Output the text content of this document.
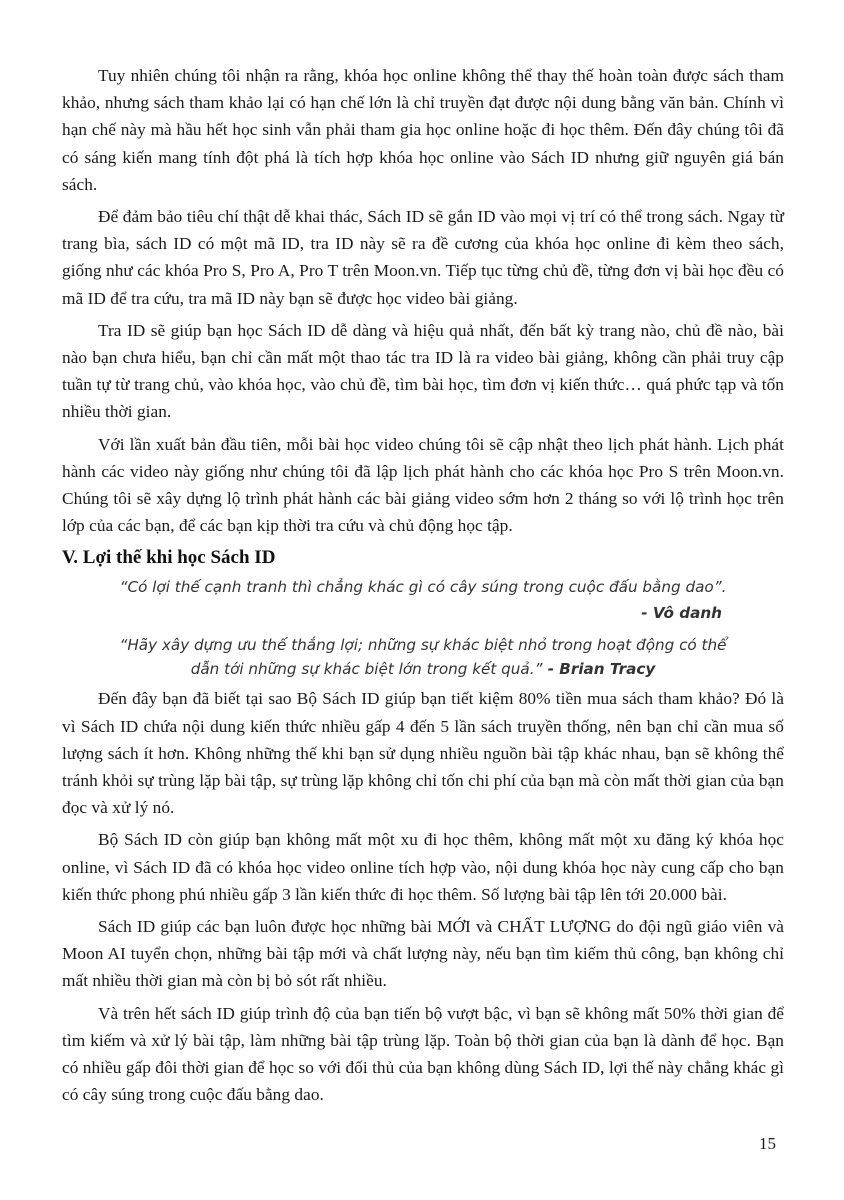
Tuy nhiên chúng tôi nhận ra rằng, khóa học online không thể thay thế hoàn toàn được sách tham khảo, nhưng sách tham khảo lại có hạn chế lớn là chỉ truyền đạt được nội dung bằng văn bản. Chính vì hạn chế này mà hầu hết học sinh vẫn phải tham gia học online hoặc đi học thêm. Đến đây chúng tôi đã có sáng kiến mang tính đột phá là tích hợp khóa học online vào Sách ID nhưng giữ nguyên giá bán sách.

Để đảm bảo tiêu chí thật dễ khai thác, Sách ID sẽ gắn ID vào mọi vị trí có thể trong sách. Ngay từ trang bìa, sách ID có một mã ID, tra ID này sẽ ra đề cương của khóa học online đi kèm theo sách, giống như các khóa Pro S, Pro A, Pro T trên Moon.vn. Tiếp tục từng chủ đề, từng đơn vị bài học đều có mã ID để tra cứu, tra mã ID này bạn sẽ được học video bài giảng.

Tra ID sẽ giúp bạn học Sách ID dễ dàng và hiệu quả nhất, đến bất kỳ trang nào, chủ đề nào, bài nào bạn chưa hiểu, bạn chỉ cần mất một thao tác tra ID là ra video bài giảng, không cần phải truy cập tuần tự từ trang chủ, vào khóa học, vào chủ đề, tìm bài học, tìm đơn vị kiến thức… quá phức tạp và tốn nhiều thời gian.

Với lần xuất bản đầu tiên, mỗi bài học video chúng tôi sẽ cập nhật theo lịch phát hành. Lịch phát hành các video này giống như chúng tôi đã lập lịch phát hành cho các khóa học Pro S trên Moon.vn. Chúng tôi sẽ xây dựng lộ trình phát hành các bài giảng video sớm hơn 2 tháng so với lộ trình học trên lớp của các bạn, để các bạn kịp thời tra cứu và chủ động học tập.

V. Lợi thế khi học Sách ID
“Có lợi thế cạnh tranh thì chẳng khác gì có cây súng trong cuộc đấu bằng dao”.
- Vô danh
“Hãy xây dựng ưu thế thắng lợi; những sự khác biệt nhỏ trong hoạt động có thể
dẫn tới những sự khác biệt lớn trong kết quả.” - Brian Tracy

Đến đây bạn đã biết tại sao Bộ Sách ID giúp bạn tiết kiệm 80% tiền mua sách tham khảo? Đó là vì Sách ID chứa nội dung kiến thức nhiều gấp 4 đến 5 lần sách truyền thống, nên bạn chỉ cần mua số lượng sách ít hơn. Không những thế khi bạn sử dụng nhiều nguồn bài tập khác nhau, bạn sẽ không thể tránh khỏi sự trùng lặp bài tập, sự trùng lặp không chỉ tốn chi phí của bạn mà còn mất thời gian của bạn đọc và xử lý nó.

Bộ Sách ID còn giúp bạn không mất một xu đi học thêm, không mất một xu đăng ký khóa học online, vì Sách ID đã có khóa học video online tích hợp vào, nội dung khóa học này cung cấp cho bạn kiến thức phong phú nhiều gấp 3 lần kiến thức đi học thêm. Số lượng bài tập lên tới 20.000 bài.

Sách ID giúp các bạn luôn được học những bài MỚI và CHẤT LƯỢNG do đội ngũ giáo viên và Moon AI tuyển chọn, những bài tập mới và chất lượng này, nếu bạn tìm kiếm thủ công, bạn không chỉ mất nhiều thời gian mà còn bị bỏ sót rất nhiều.

Và trên hết sách ID giúp trình độ của bạn tiến bộ vượt bậc, vì bạn sẽ không mất 50% thời gian để tìm kiếm và xử lý bài tập, làm những bài tập trùng lặp. Toàn bộ thời gian của bạn là dành để học. Bạn có nhiều gấp đôi thời gian để học so với đối thủ của bạn không dùng Sách ID, lợi thế này chẳng khác gì có cây súng trong cuộc đấu bằng dao.

15
